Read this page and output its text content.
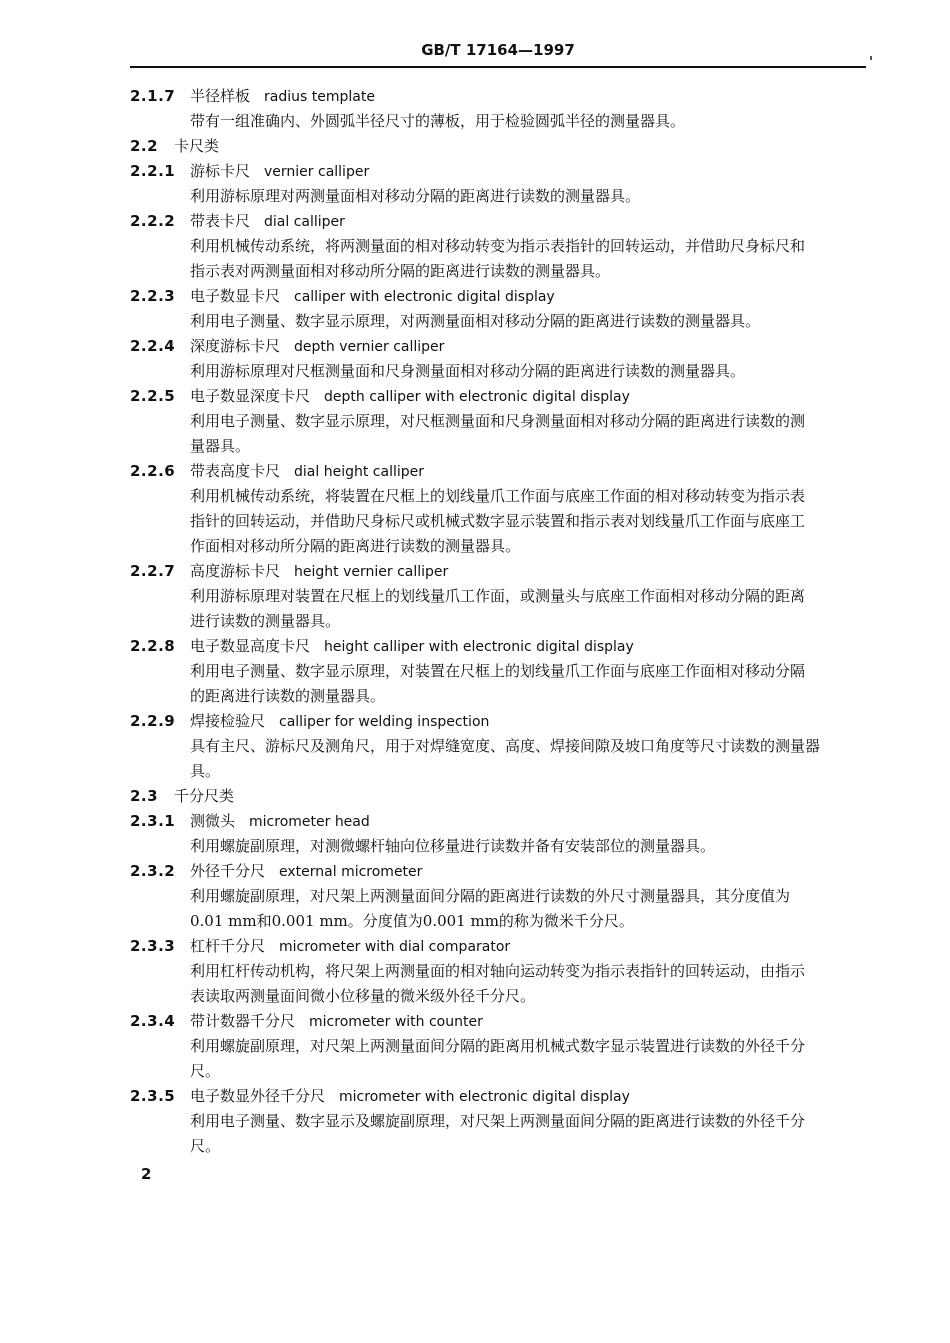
GB/T 17164—1997
2.1.7 半径样板 radius template
带有一组准确内、外圆弧半径尺寸的薄板，用于检验圆弧半径的测量器具。
2.2 卡尺类
2.2.1 游标卡尺 vernier calliper
利用游标原理对两测量面相对移动分隔的距离进行读数的测量器具。
2.2.2 带表卡尺 dial calliper
利用机械传动系统，将两测量面的相对移动转变为指示表指针的回转运动，并借助尺身标尺和
指示表对两测量面相对移动所分隔的距离进行读数的测量器具。
2.2.3 电子数显卡尺 calliper with electronic digital display
利用电子测量、数字显示原理，对两测量面相对移动分隔的距离进行读数的测量器具。
2.2.4 深度游标卡尺 depth vernier calliper
利用游标原理对尺框测量面和尺身测量面相对移动分隔的距离进行读数的测量器具。
2.2.5 电子数显深度卡尺 depth calliper with electronic digital display
利用电子测量、数字显示原理，对尺框测量面和尺身测量面相对移动分隔的距离进行读数的测
量器具。
2.2.6 带表高度卡尺 dial height calliper
利用机械传动系统，将装置在尺框上的划线量爪工作面与底座工作面的相对移动转变为指示表
指针的回转运动，并借助尺身标尺或机械式数字显示装置和指示表对划线量爪工作面与底座工
作面相对移动所分隔的距离进行读数的测量器具。
2.2.7 高度游标卡尺 height vernier calliper
利用游标原理对装置在尺框上的划线量爪工作面，或测量头与底座工作面相对移动分隔的距离
进行读数的测量器具。
2.2.8 电子数显高度卡尺 height calliper with electronic digital display
利用电子测量、数字显示原理，对装置在尺框上的划线量爪工作面与底座工作面相对移动分隔
的距离进行读数的测量器具。
2.2.9 焊接检验尺 calliper for welding inspection
具有主尺、游标尺及测角尺，用于对焊缝宽度、高度、焊接间隙及坡口角度等尺寸读数的测量器
具。
2.3 千分尺类
2.3.1 测微头 micrometer head
利用螺旋副原理，对测微螺杆轴向位移量进行读数并备有安装部位的测量器具。
2.3.2 外径千分尺 external micrometer
利用螺旋副原理，对尺架上两测量面间分隔的距离进行读数的外尺寸测量器具，其分度值为
0.01 mm和0.001 mm。分度值为0.001 mm的称为微米千分尺。
2.3.3 杠杆千分尺 micrometer with dial comparator
利用杠杆传动机构，将尺架上两测量面的相对轴向运动转变为指示表指针的回转运动，由指示
表读取两测量面间微小位移量的微米级外径千分尺。
2.3.4 带计数器千分尺 micrometer with counter
利用螺旋副原理，对尺架上两测量面间分隔的距离用机械式数字显示装置进行读数的外径千分
尺。
2.3.5 电子数显外径千分尺 micrometer with electronic digital display
利用电子测量、数字显示及螺旋副原理，对尺架上两测量面间分隔的距离进行读数的外径千分
尺。
2
